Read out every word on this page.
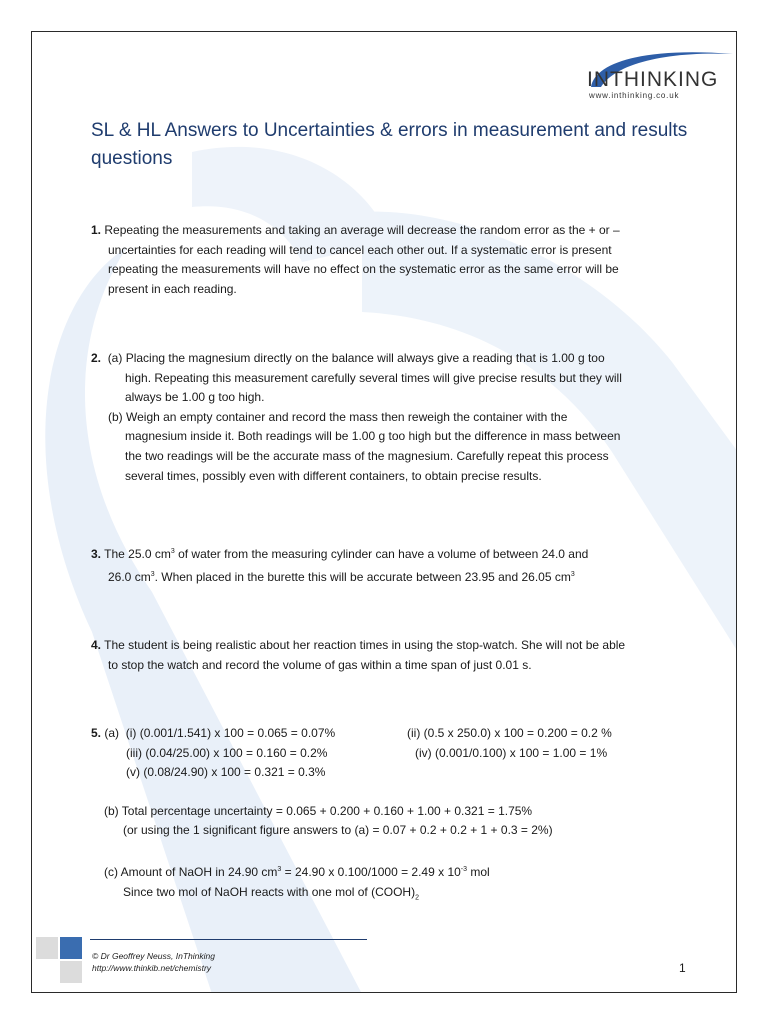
INTHINKING
www.inthinking.co.uk
SL & HL Answers to Uncertainties & errors in measurement and results questions
1. Repeating the measurements and taking an average will decrease the random error as the + or –
uncertainties for each reading will tend to cancel each other out. If a systematic error is present
repeating the measurements will have no effect on the systematic error as the same error will be
present in each reading.
2. (a) Placing the magnesium directly on the balance will always give a reading that is 1.00 g too
high. Repeating this measurement carefully several times will give precise results but they will
always be 1.00 g too high.
(b) Weigh an empty container and record the mass then reweigh the container with the
magnesium inside it. Both readings will be 1.00 g too high but the difference in mass between
the two readings will be the accurate mass of the magnesium. Carefully repeat this process
several times, possibly even with different containers, to obtain precise results.
3. The 25.0 $cm^3$ of water from the measuring cylinder can have a volume of between 24.0 and
26.0 $cm^3$. When placed in the burette this will be accurate between 23.95 and 26.05 $cm^3$
4. The student is being realistic about her reaction times in using the stop-watch. She will not be able
to stop the watch and record the volume of gas within a time span of just 0.01 s.
5. (a) (i) (0.001/1.541) x 100 = 0.065 = 0.07%	(ii) (0.5 x 250.0) x 100 = 0.200 = 0.2 %
(iii) (0.04/25.00) x 100 = 0.160 = 0.2%	(iv) (0.001/0.100) x 100 = 1.00 = 1%
(v) (0.08/24.90) x 100 = 0.321 = 0.3%
(b) Total percentage uncertainty = 0.065 + 0.200 + 0.160 + 1.00 + 0.321 = 1.75%
(or using the 1 significant figure answers to (a) = 0.07 + 0.2 + 0.2 + 1 + 0.3 = 2%)
(c) Amount of NaOH in 24.90 $cm^3 = 24.90$ x 0.100/1000 = 2.49 x $10^{-3}$ mol
Since two mol of NaOH reacts with one mol of $(COOH)_2$
© Dr Geoffrey Neuss, InThinking
http://www.thinkib.net/chemistry	1
